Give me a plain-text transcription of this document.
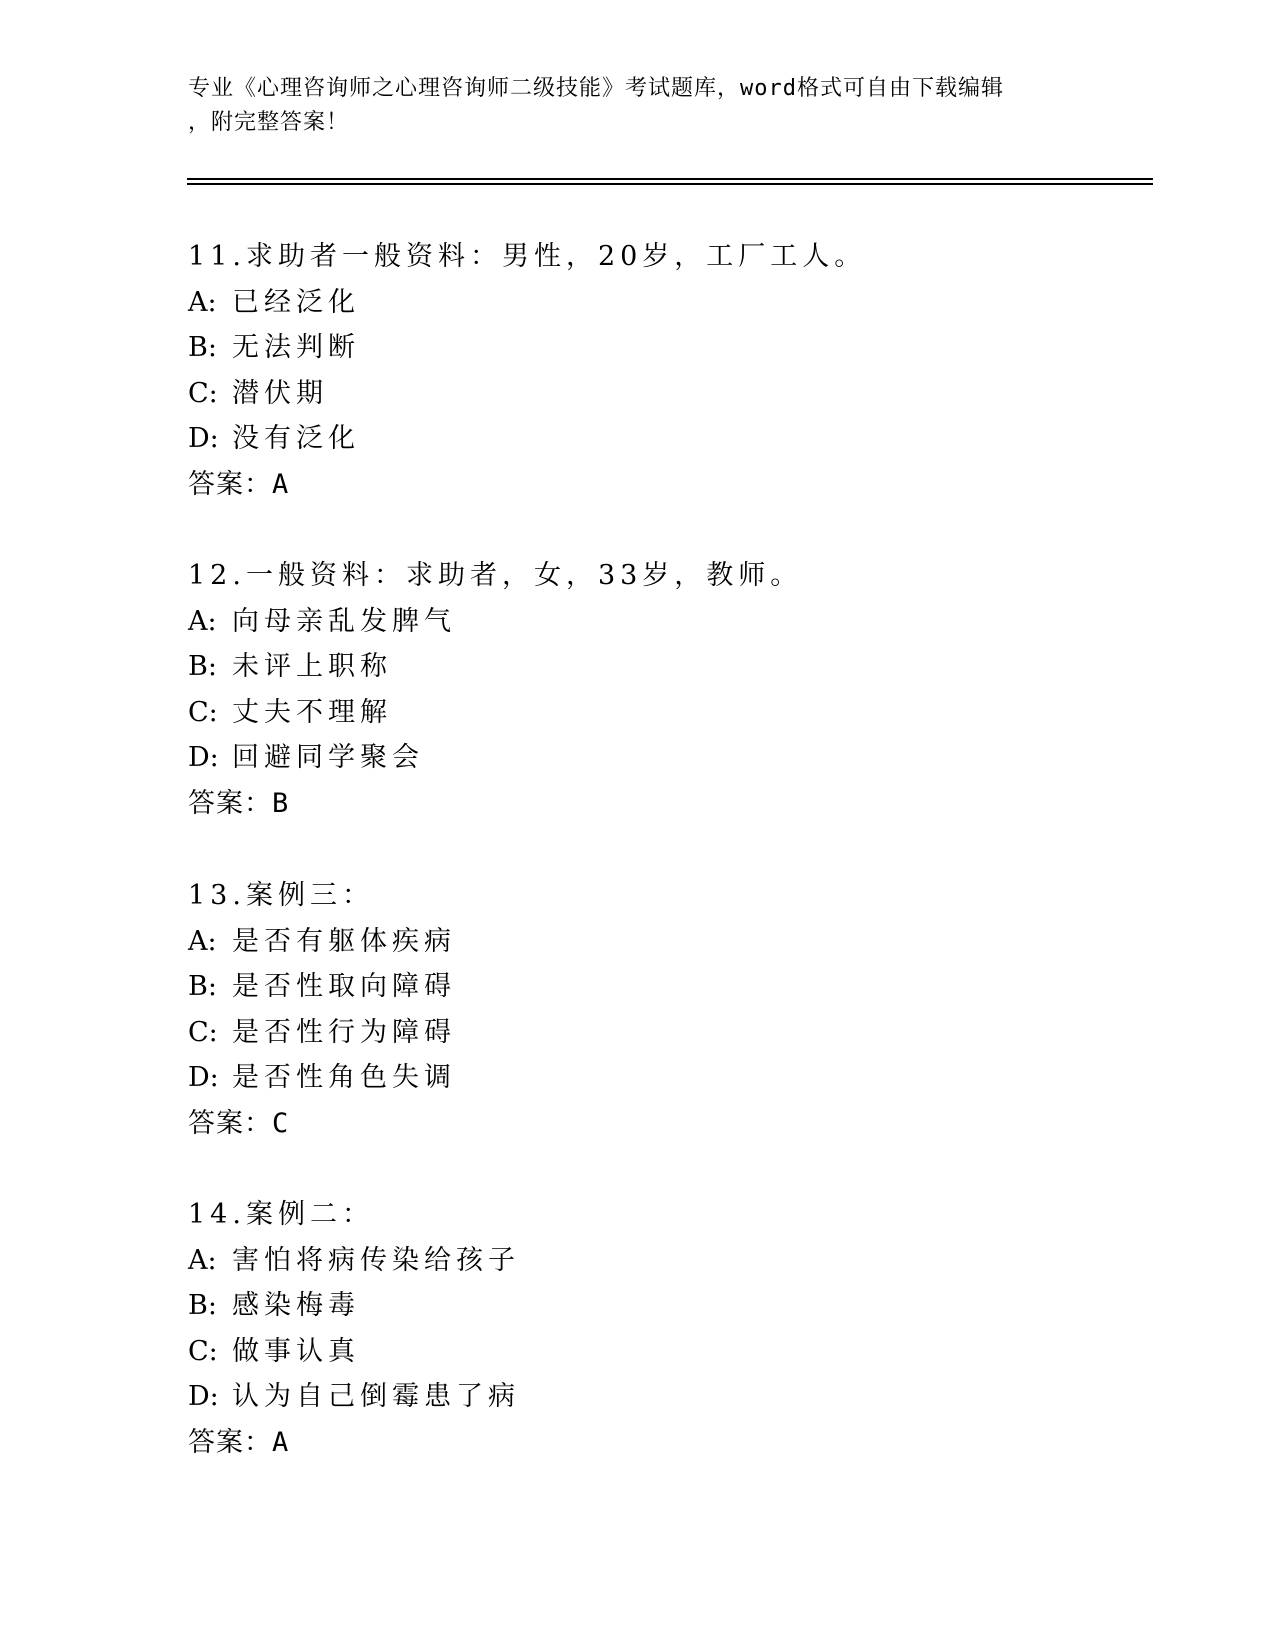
专业《心理咨询师之心理咨询师二级技能》考试题库，word格式可自由下载编辑
，附完整答案！
11.求助者一般资料：男性，20岁，工厂工人。
A: 已经泛化
B: 无法判断
C: 潜伏期
D: 没有泛化
答案：A
12.一般资料：求助者，女，33岁，教师。
A: 向母亲乱发脾气
B: 未评上职称
C: 丈夫不理解
D: 回避同学聚会
答案：B
13.案例三：
A: 是否有躯体疾病
B: 是否性取向障碍
C: 是否性行为障碍
D: 是否性角色失调
答案：C
14.案例二：
A: 害怕将病传染给孩子
B: 感染梅毒
C: 做事认真
D: 认为自己倒霉患了病
答案：A
